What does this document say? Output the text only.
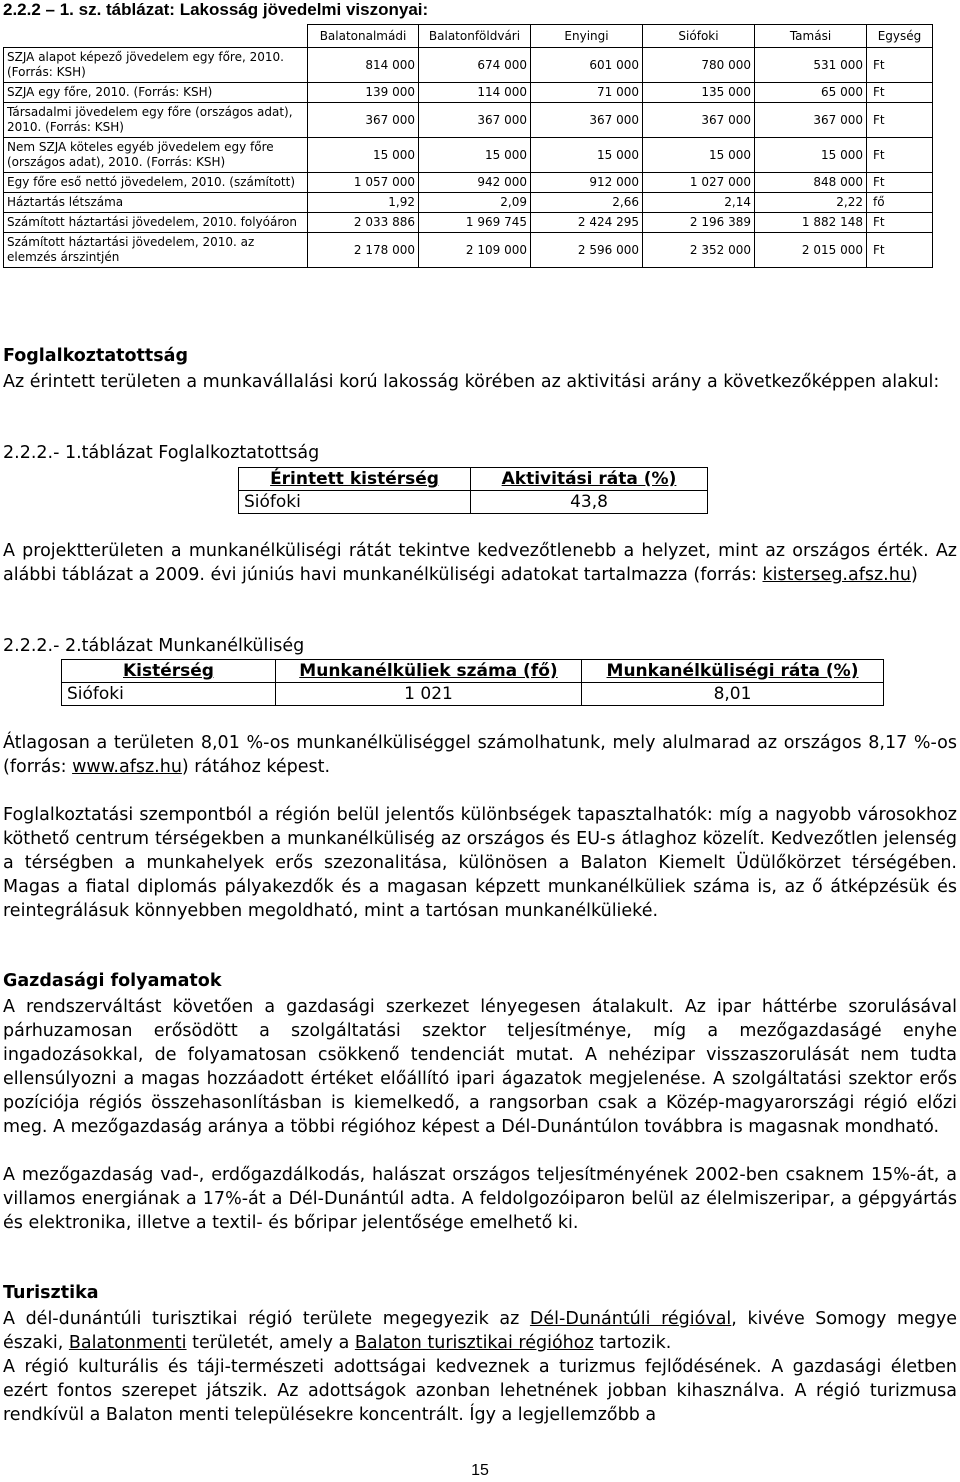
2.2.2 – 1. sz. táblázat: Lakosság jövedelmi viszonyai:
	Balatonalmádi	Balatonföldvári	Enyingi	Siófoki	Tamási	Egység
SZJA alapot képező jövedelem egy főre, 2010. (Forrás: KSH)	814 000	674 000	601 000	780 000	531 000	Ft
SZJA egy főre, 2010. (Forrás: KSH)	139 000	114 000	71 000	135 000	65 000	Ft
Társadalmi jövedelem egy főre (országos adat), 2010. (Forrás: KSH)	367 000	367 000	367 000	367 000	367 000	Ft
Nem SZJA köteles egyéb jövedelem egy főre (országos adat), 2010. (Forrás: KSH)	15 000	15 000	15 000	15 000	15 000	Ft
Egy főre eső nettó jövedelem, 2010. (számított)	1 057 000	942 000	912 000	1 027 000	848 000	Ft
Háztartás létszáma	1,92	2,09	2,66	2,14	2,22	fő
Számított háztartási jövedelem, 2010. folyóáron	2 033 886	1 969 745	2 424 295	2 196 389	1 882 148	Ft
Számított háztartási jövedelem, 2010. az elemzés árszintjén	2 178 000	2 109 000	2 596 000	2 352 000	2 015 000	Ft
Foglalkoztatottság
Az érintett területen a munkavállalási korú lakosság körében az aktivitási arány a következőképpen alakul:
2.2.2.- 1.táblázat Foglalkoztatottság
Érintett kistérség	Aktivitási ráta (%)
Siófoki	43,8
A projektterületen a munkanélküliségi rátát tekintve kedvezőtlenebb a helyzet, mint az országos érték. Az alábbi táblázat a 2009. évi júniús havi munkanélküliségi adatokat tartalmazza (forrás: kisterseg.afsz.hu)
2.2.2.- 2.táblázat Munkanélküliség
Kistérség	Munkanélküliek száma (fő)	Munkanélküliségi ráta (%)
Siófoki	1 021	8,01
Átlagosan a területen 8,01 %-os munkanélküliséggel számolhatunk, mely alulmarad az országos 8,17 %-os (forrás: www.afsz.hu) rátához képest.
Foglalkoztatási szempontból a régión belül jelentős különbségek tapasztalhatók: míg a nagyobb városokhoz köthető centrum térségekben a munkanélküliség az országos és EU-s átlaghoz közelít. Kedvezőtlen jelenség a térségben a munkahelyek erős szezonalitása, különösen a Balaton Kiemelt Üdülőkörzet térségében. Magas a fiatal diplomás pályakezdők és a magasan képzett munkanélküliek száma is, az ő átképzésük és reintegrálásuk könnyebben megoldható, mint a tartósan munkanélkülieké.
Gazdasági folyamatok
A rendszerváltást követően a gazdasági szerkezet lényegesen átalakult. Az ipar háttérbe szorulásával párhuzamosan erősödött a szolgáltatási szektor teljesítménye, míg a mezőgazdaságé enyhe ingadozásokkal, de folyamatosan csökkenő tendenciát mutat. A nehézipar visszaszorulását nem tudta ellensúlyozni a magas hozzáadott értéket előállító ipari ágazatok megjelenése. A szolgáltatási szektor erős pozíciója régiós összehasonlításban is kiemelkedő, a rangsorban csak a Közép-magyarországi régió előzi meg. A mezőgazdaság aránya a többi régióhoz képest a Dél-Dunántúlon továbbra is magasnak mondható.
A mezőgazdaság vad-, erdőgazdálkodás, halászat országos teljesítményének 2002-ben csaknem 15%-át, a villamos energiának a 17%-át a Dél-Dunántúl adta. A feldolgozóiparon belül az élelmiszeripar, a gépgyártás és elektronika, illetve a textil- és bőripar jelentősége emelhető ki.
Turisztika
A dél-dunántúli turisztikai régió területe megegyezik az Dél-Dunántúli régióval, kivéve Somogy megye északi, Balatonmenti területét, amely a Balaton turisztikai régióhoz tartozik.
A régió kulturális és táji-természeti adottságai kedveznek a turizmus fejlődésének. A gazdasági életben ezért fontos szerepet játszik. Az adottságok azonban lehetnének jobban kihasználva. A régió turizmusa rendkívül a Balaton menti településekre koncentrált. Így a legjellemzőbb a
15
